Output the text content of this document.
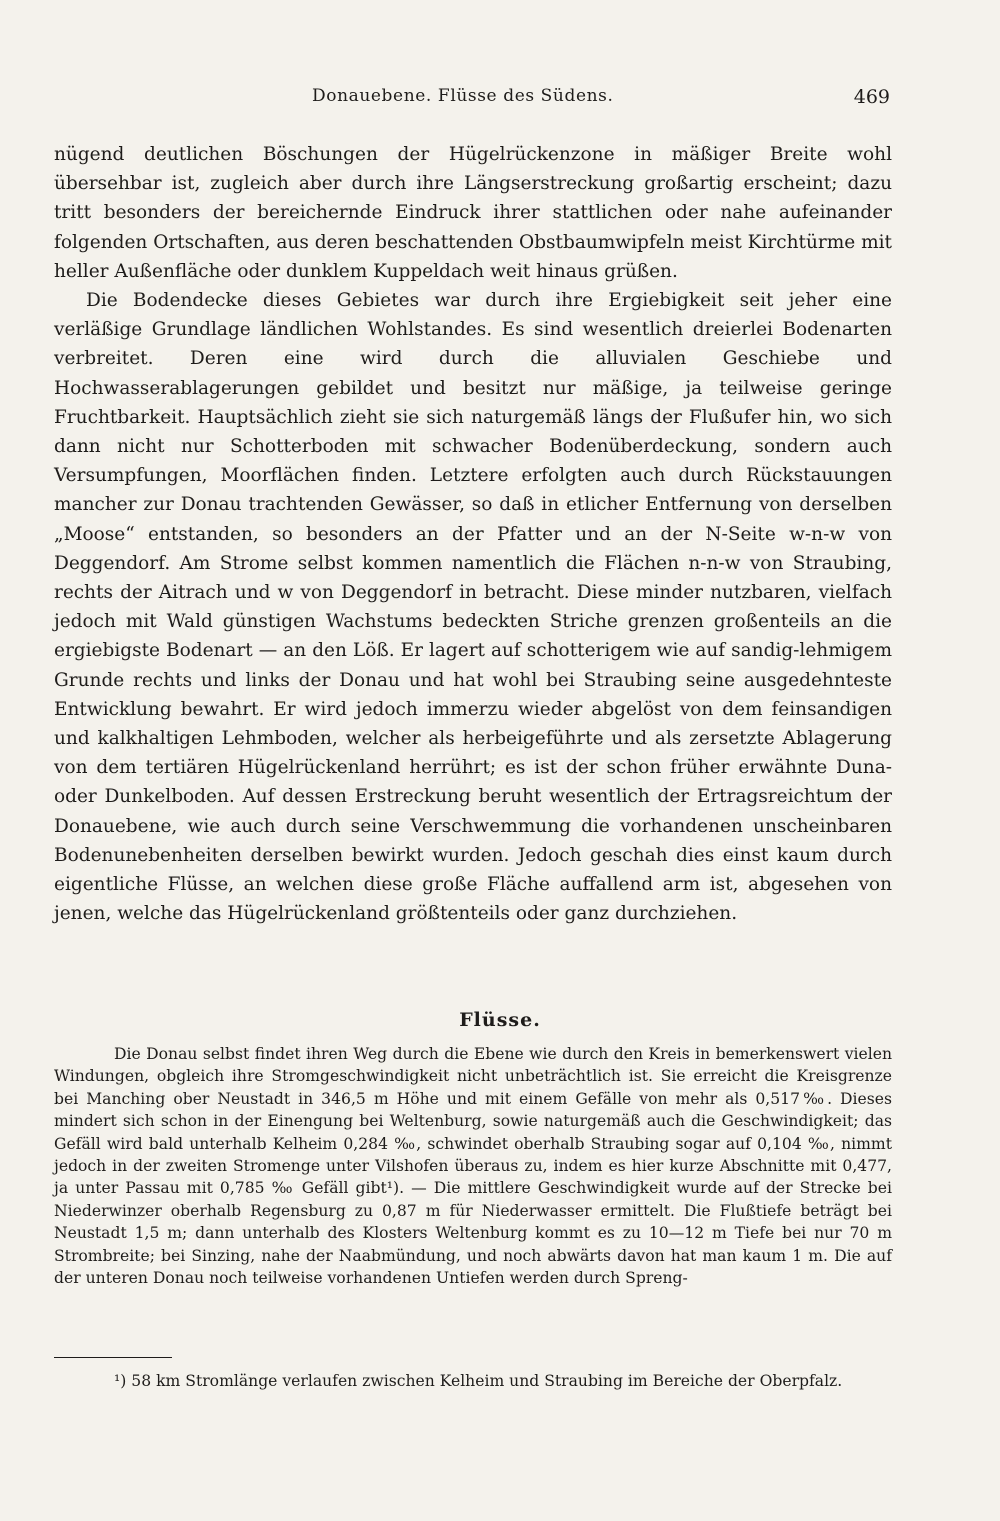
Donauebene. Flüsse des Südens.	469

nügend deutlichen Böschungen der Hügelrückenzone in mäßiger Breite wohl übersehbar ist, zugleich aber durch ihre Längserstreckung großartig erscheint; dazu tritt besonders der bereichernde Eindruck ihrer stattlichen oder nahe aufeinander folgenden Ortschaften, aus deren beschattenden Obstbaumwipfeln meist Kirchtürme mit heller Außenfläche oder dunklem Kuppeldach weit hinaus grüßen.

Die Bodendecke dieses Gebietes war durch ihre Ergiebigkeit seit jeher eine verläßige Grundlage ländlichen Wohlstandes. Es sind wesentlich dreierlei Bodenarten verbreitet. Deren eine wird durch die alluvialen Geschiebe und Hochwasserablagerungen gebildet und besitzt nur mäßige, ja teilweise geringe Fruchtbarkeit. Hauptsächlich zieht sie sich naturgemäß längs der Flußufer hin, wo sich dann nicht nur Schotterboden mit schwacher Bodenüberdeckung, sondern auch Versumpfungen, Moorflächen finden. Letztere erfolgten auch durch Rückstauungen mancher zur Donau trachtenden Gewässer, so daß in etlicher Entfernung von derselben „Moose“ entstanden, so besonders an der Pfatter und an der N-Seite w-n-w von Deggendorf. Am Strome selbst kommen namentlich die Flächen n-n-w von Straubing, rechts der Aitrach und w von Deggendorf in betracht. Diese minder nutzbaren, vielfach jedoch mit Wald günstigen Wachstums bedeckten Striche grenzen großenteils an die ergiebigste Bodenart — an den Löß. Er lagert auf schotterigem wie auf sandig-lehmigem Grunde rechts und links der Donau und hat wohl bei Straubing seine ausgedehnteste Entwicklung bewahrt. Er wird jedoch immerzu wieder abgelöst von dem feinsandigen und kalkhaltigen Lehmboden, welcher als herbeigeführte und als zersetzte Ablagerung von dem tertiären Hügelrückenland herrührt; es ist der schon früher erwähnte Duna- oder Dunkelboden. Auf dessen Erstreckung beruht wesentlich der Ertragsreichtum der Donauebene, wie auch durch seine Verschwemmung die vorhandenen unscheinbaren Bodenunebenheiten derselben bewirkt wurden. Jedoch geschah dies einst kaum durch eigentliche Flüsse, an welchen diese große Fläche auffallend arm ist, abgesehen von jenen, welche das Hügelrückenland größtenteils oder ganz durchziehen.

Flüsse.

Die Donau selbst findet ihren Weg durch die Ebene wie durch den Kreis in bemerkenswert vielen Windungen, obgleich ihre Stromgeschwindigkeit nicht unbeträchtlich ist. Sie erreicht die Kreisgrenze bei Manching ober Neustadt in 346,5 m Höhe und mit einem Gefälle von mehr als 0,517‰. Dieses mindert sich schon in der Einengung bei Weltenburg, sowie naturgemäß auch die Geschwindigkeit; das Gefäll wird bald unterhalb Kelheim 0,284 ‰, schwindet oberhalb Straubing sogar auf 0,104 ‰, nimmt jedoch in der zweiten Stromenge unter Vilshofen überaus zu, indem es hier kurze Abschnitte mit 0,477, ja unter Passau mit 0,785 ‰ Gefäll gibt¹). — Die mittlere Geschwindigkeit wurde auf der Strecke bei Niederwinzer oberhalb Regensburg zu 0,87 m für Niederwasser ermittelt. Die Flußtiefe beträgt bei Neustadt 1,5 m; dann unterhalb des Klosters Weltenburg kommt es zu 10—12 m Tiefe bei nur 70 m Strombreite; bei Sinzing, nahe der Naabmündung, und noch abwärts davon hat man kaum 1 m. Die auf der unteren Donau noch teilweise vorhandenen Untiefen werden durch Spreng-

¹) 58 km Stromlänge verlaufen zwischen Kelheim und Straubing im Bereiche der Oberpfalz.
